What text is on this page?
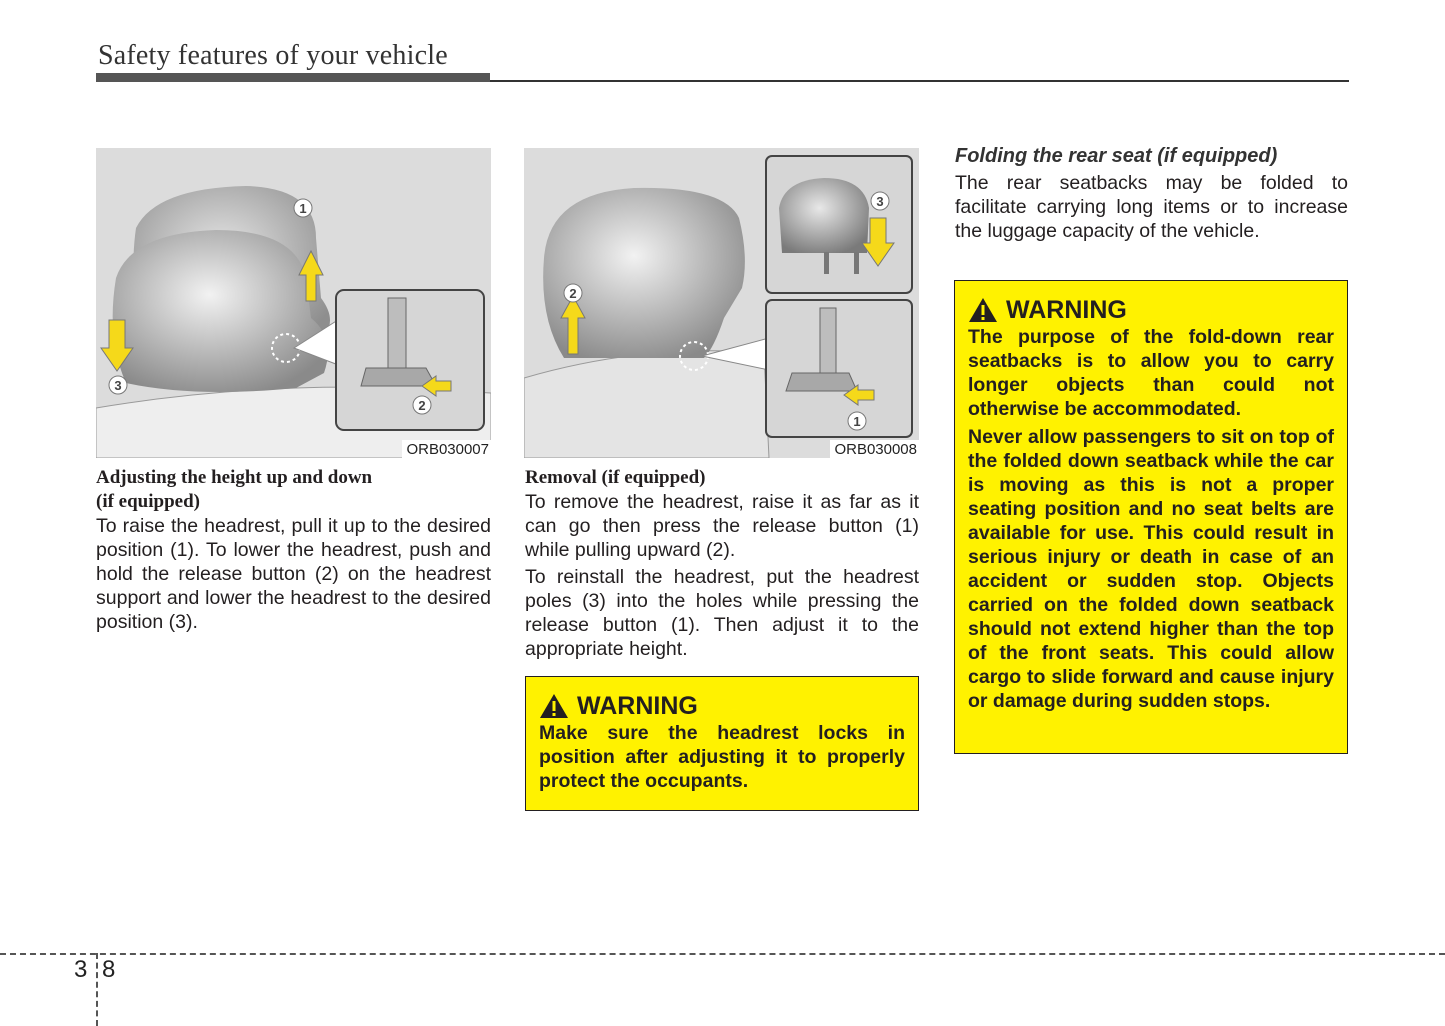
Safety features of your vehicle
1
3
2
ORB030007
2
3
1
ORB030008
Adjusting the height up and down
(if equipped)

To raise the headrest, pull it up to the desired position (1). To lower the headrest, push and hold the release button (2) on the headrest support and lower the headrest to the desired position (3).

Removal (if equipped)

To remove the headrest, raise it as far as it can go then press the release button (1) while pulling upward (2).

To reinstall the headrest, put the headrest poles (3) into the holes while pressing the release button (1). Then adjust it to the appropriate height.

WARNING

Make sure the headrest locks in position after adjusting it to properly protect the occupants.

Folding the rear seat (if equipped)

The rear seatbacks may be folded to facilitate carrying long items or to increase the luggage capacity of the vehicle.

WARNING

The purpose of the fold-down rear seatbacks is to allow you to carry longer objects than could not otherwise be accommodated.

Never allow passengers to sit on top of the folded down seatback while the car is moving as this is not a proper seating position and no seat belts are available for use. This could result in serious injury or death in case of an accident or sudden stop. Objects carried on the folded down seatback should not extend higher than the top of the front seats. This could allow cargo to slide forward and cause injury or damage during sudden stops.

3 8
